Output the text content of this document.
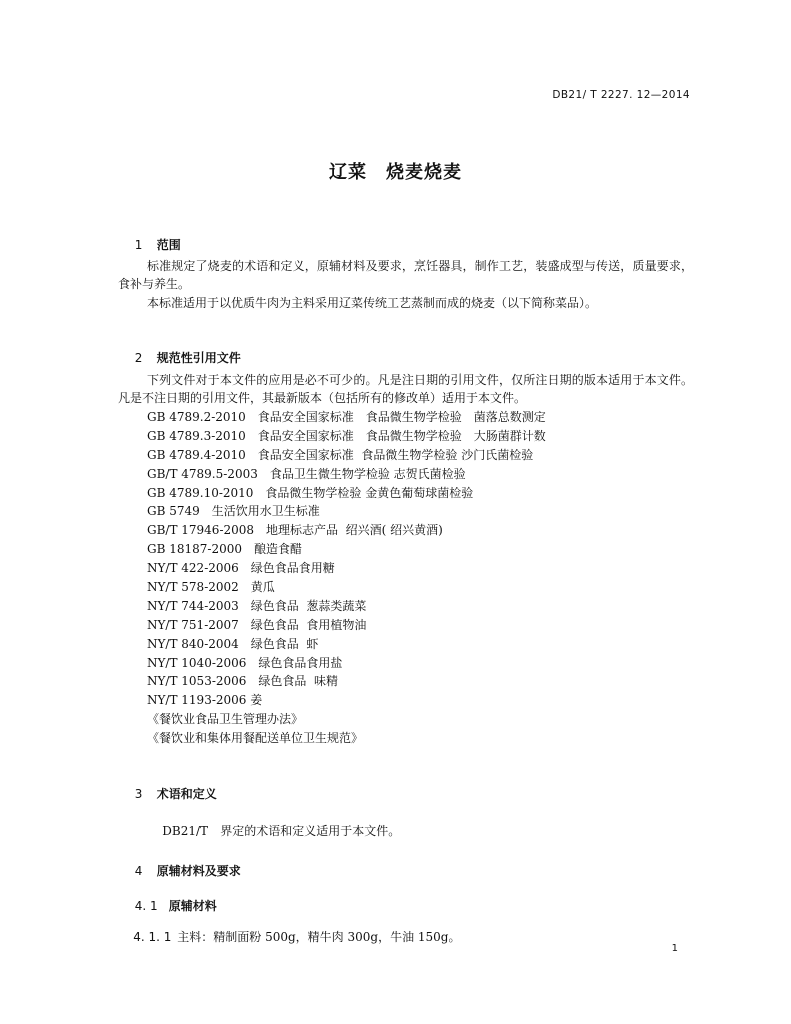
DB21/ T 2227. 12—2014
辽菜　烧麦烧麦

1 范围

标准规定了烧麦的术语和定义，原辅材料及要求，烹饪器具，制作工艺，装盛成型与传送，质量要求，食补与养生。
本标准适用于以优质牛肉为主料采用辽菜传统工艺蒸制而成的烧麦（以下简称菜品）。

2 规范性引用文件

下列文件对于本文件的应用是必不可少的。凡是注日期的引用文件，仅所注日期的版本适用于本文件。凡是不注日期的引用文件，其最新版本（包括所有的修改单）适用于本文件。
GB 4789.2-2010　食品安全国家标准　食品微生物学检验　菌落总数测定
GB 4789.3-2010　食品安全国家标准　食品微生物学检验　大肠菌群计数
GB 4789.4-2010　食品安全国家标准  食品微生物学检验 沙门氏菌检验
GB/T 4789.5-2003　食品卫生微生物学检验 志贺氏菌检验
GB 4789.10-2010　食品微生物学检验 金黄色葡萄球菌检验
GB 5749　生活饮用水卫生标准
GB/T 17946-2008　地理标志产品  绍兴酒( 绍兴黄酒)
GB 18187-2000　酿造食醋
NY/T 422-2006　绿色食品食用糖
NY/T 578-2002　黄瓜
NY/T 744-2003　绿色食品  葱蒜类蔬菜
NY/T 751-2007　绿色食品  食用植物油
NY/T 840-2004　绿色食品  虾
NY/T 1040-2006　绿色食品食用盐
NY/T 1053-2006　绿色食品  味精
NY/T 1193-2006 姜
《餐饮业食品卫生管理办法》
《餐饮业和集体用餐配送单位卫生规范》

3 术语和定义

DB21/T 界定的术语和定义适用于本文件。

4 原辅材料及要求

4. 1 原辅材料

4. 1. 1 主料：精制面粉 500g，精牛肉 300g，牛油 150g。

1
